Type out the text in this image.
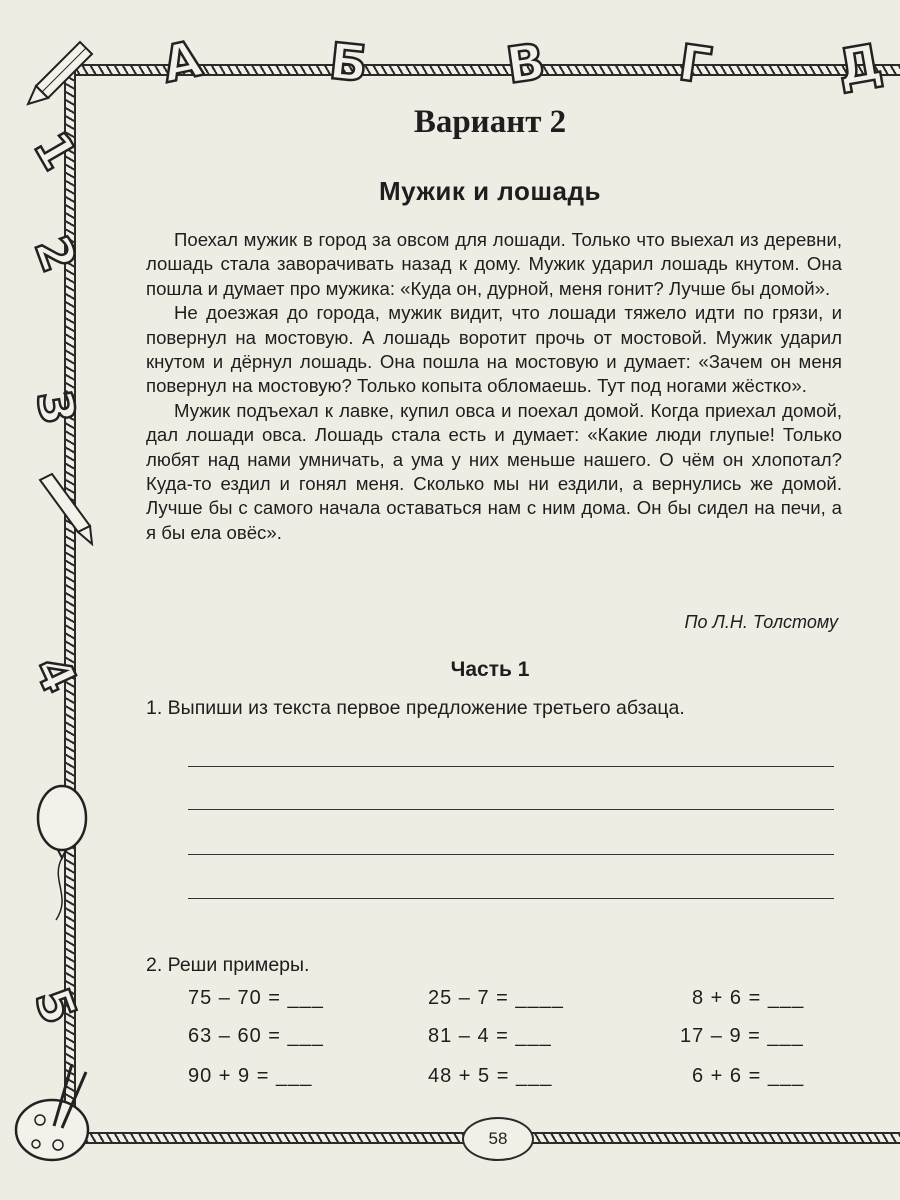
А Б	В	Г Д
1
2
3
4
5
Вариант 2
Мужик и лошадь

Поехал мужик в город за овсом для лошади. Только что выехал из деревни, лошадь стала заворачивать назад к дому. Мужик ударил лошадь кнутом. Она пошла и думает про мужика: «Куда он, дурной, меня гонит? Лучше бы домой».

Не доезжая до города, мужик видит, что лошади тяжело идти по грязи, и повернул на мостовую. А лошадь воротит прочь от мостовой. Мужик ударил кнутом и дёрнул лошадь. Она пошла на мостовую и думает: «Зачем он меня повернул на мостовую? Только копыта обломаешь. Тут под ногами жёстко».

Мужик подъехал к лавке, купил овса и поехал домой. Когда приехал домой, дал лошади овса. Лошадь стала есть и думает: «Какие люди глупые! Только любят над нами умничать, а ума у них меньше нашего. О чём он хлопотал? Куда-то ездил и гонял меня. Сколько мы ни ездили, а вернулись же домой. Лучше бы с самого начала оставаться нам с ним дома. Он бы сидел на печи, а я бы ела овёс».

По Л.Н. Толстому
Часть 1
1. Выпиши из текста первое предложение третьего абзаца.
2. Реши примеры.
75 – 70 = ___	25 – 7 = ____	8 + 6 = ___
63 – 60 = ___	81 – 4 = ___	17 – 9 = ___
90 + 9 = ___	48 + 5 = ___	6 + 6 = ___
58
